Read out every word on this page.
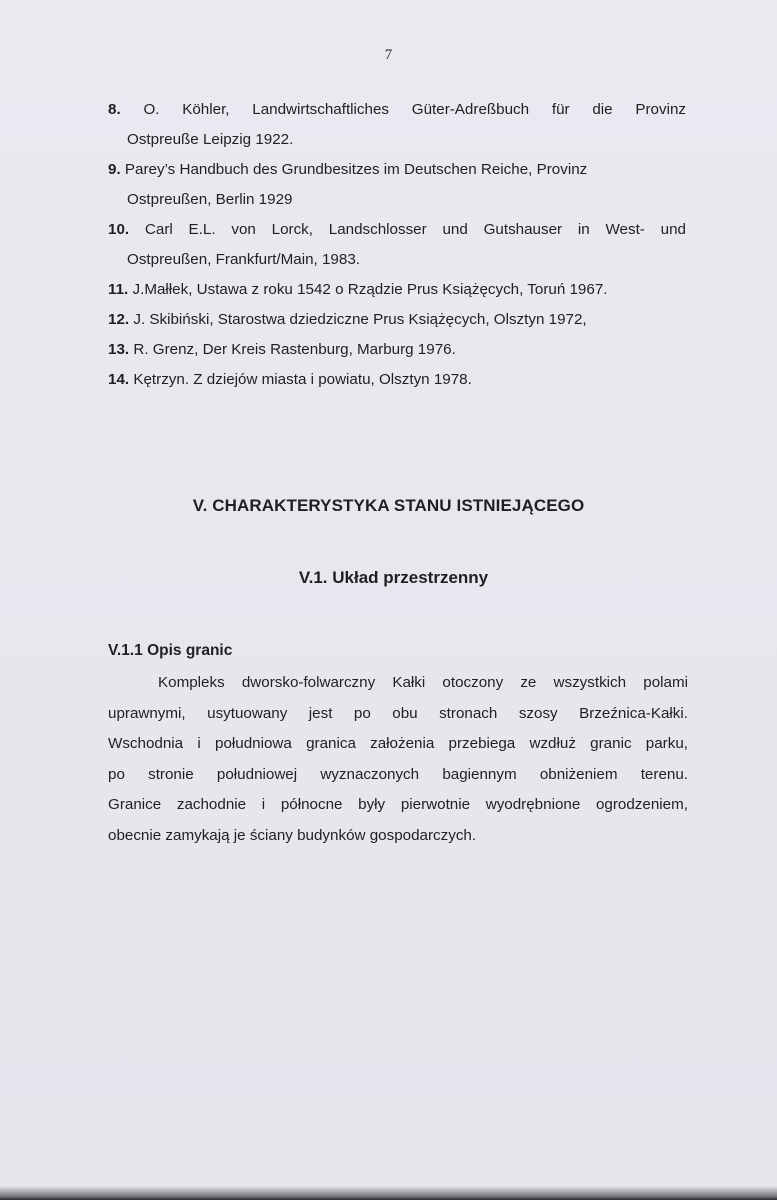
7
8. O. Köhler, Landwirtschaftliches Güter-Adreßbuch für die Provinz
Ostpreuße Leipzig 1922.
9. Parey’s Handbuch des Grundbesitzes im Deutschen Reiche, Provinz
Ostpreußen, Berlin 1929
10. Carl E.L. von Lorck, Landschlosser und Gutshauser in West- und
Ostpreußen, Frankfurt/Main, 1983.
11. J.Małłek, Ustawa z roku 1542 o Rządzie Prus Książęcych, Toruń 1967.
12. J. Skibiński, Starostwa dziedziczne Prus Książęcych, Olsztyn 1972,
13. R. Grenz, Der Kreis Rastenburg, Marburg 1976.
14. Kętrzyn. Z dziejów miasta i powiatu, Olsztyn 1978.
V. CHARAKTERYSTYKA STANU ISTNIEJĄCEGO
V.1. Układ przestrzenny
V.1.1 Opis granic

Kompleks dworsko-folwarczny Kałki otoczony ze wszystkich polami
uprawnymi, usytuowany jest po obu stronach szosy Brzeźnica-Kałki.
Wschodnia i południowa granica założenia przebiega wzdłuż granic parku,
po stronie południowej wyznaczonych bagiennym obniżeniem terenu.
Granice zachodnie i północne były pierwotnie wyodrębnione ogrodzeniem,
obecnie zamykają je ściany budynków gospodarczych.
